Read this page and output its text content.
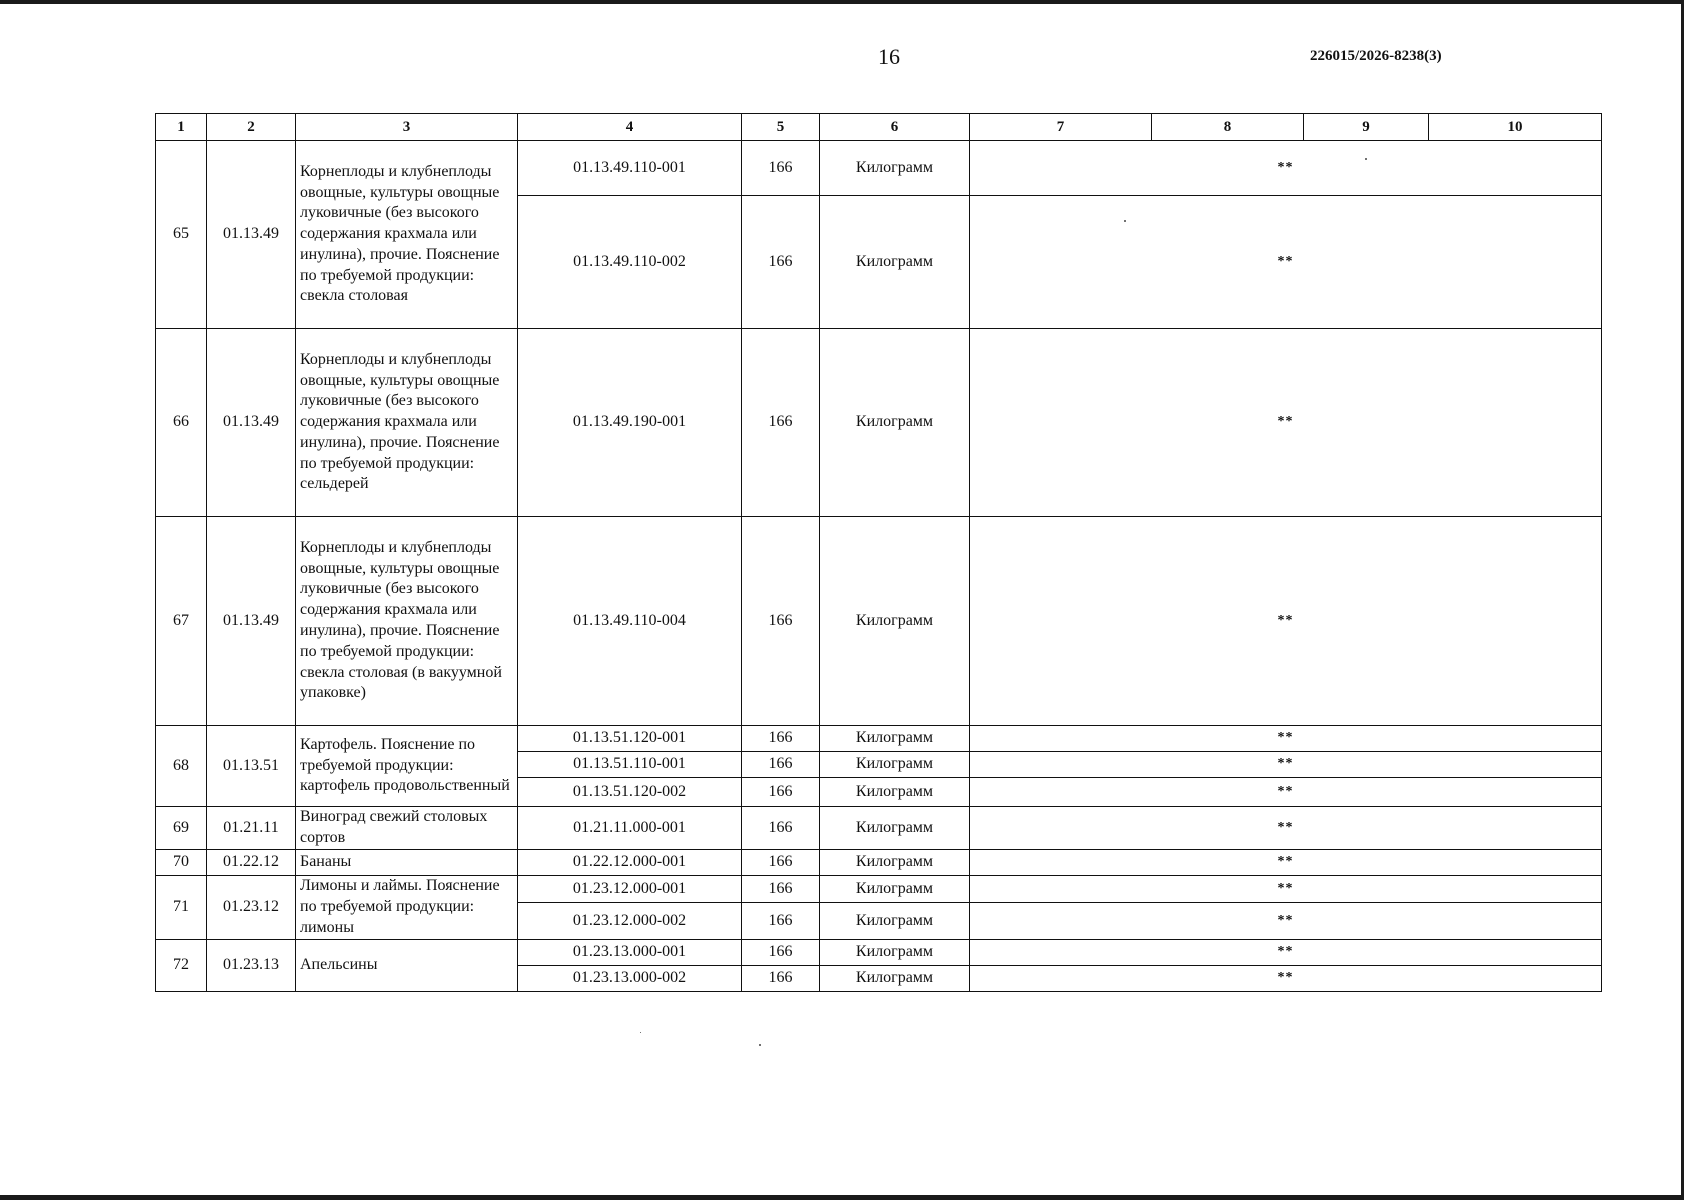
16	226015/2026-8238(3)
1	2	3	4	5	6	7	8	9	10
65	01.13.49	Корнеплоды и клубнеплоды овощные, культуры овощные луковичные (без высокого содержания крахмала или инулина), прочие. Пояснение по требуемой продукции: свекла столовая	01.13.49.110-001	166	Килограмм	**			
			01.13.49.110-002	166	Килограмм	**			
66	01.13.49	Корнеплоды и клубнеплоды овощные, культуры овощные луковичные (без высокого содержания крахмала или инулина), прочие. Пояснение по требуемой продукции: сельдерей	01.13.49.190-001	166	Килограмм	**			
67	01.13.49	Корнеплоды и клубнеплоды овощные, культуры овощные луковичные (без высокого содержания крахмала или инулина), прочие. Пояснение по требуемой продукции: свекла столовая (в вакуумной упаковке)	01.13.49.110-004	166	Килограмм	**			
68	01.13.51	Картофель. Пояснение по требуемой продукции: картофель продовольственный	01.13.51.120-001	166	Килограмм	**			
			01.13.51.110-001	166	Килограмм	**			
			01.13.51.120-002	166	Килограмм	**			
69	01.21.11	Виноград свежий столовых сортов	01.21.11.000-001	166	Килограмм	**			
70	01.22.12	Бананы	01.22.12.000-001	166	Килограмм	**			
71	01.23.12	Лимоны и лаймы. Пояснение по требуемой продукции: лимоны	01.23.12.000-001	166	Килограмм	**			
			01.23.12.000-002	166	Килограмм	**			
72	01.23.13	Апельсины	01.23.13.000-001	166	Килограмм	**			
			01.23.13.000-002	166	Килограмм	**			
